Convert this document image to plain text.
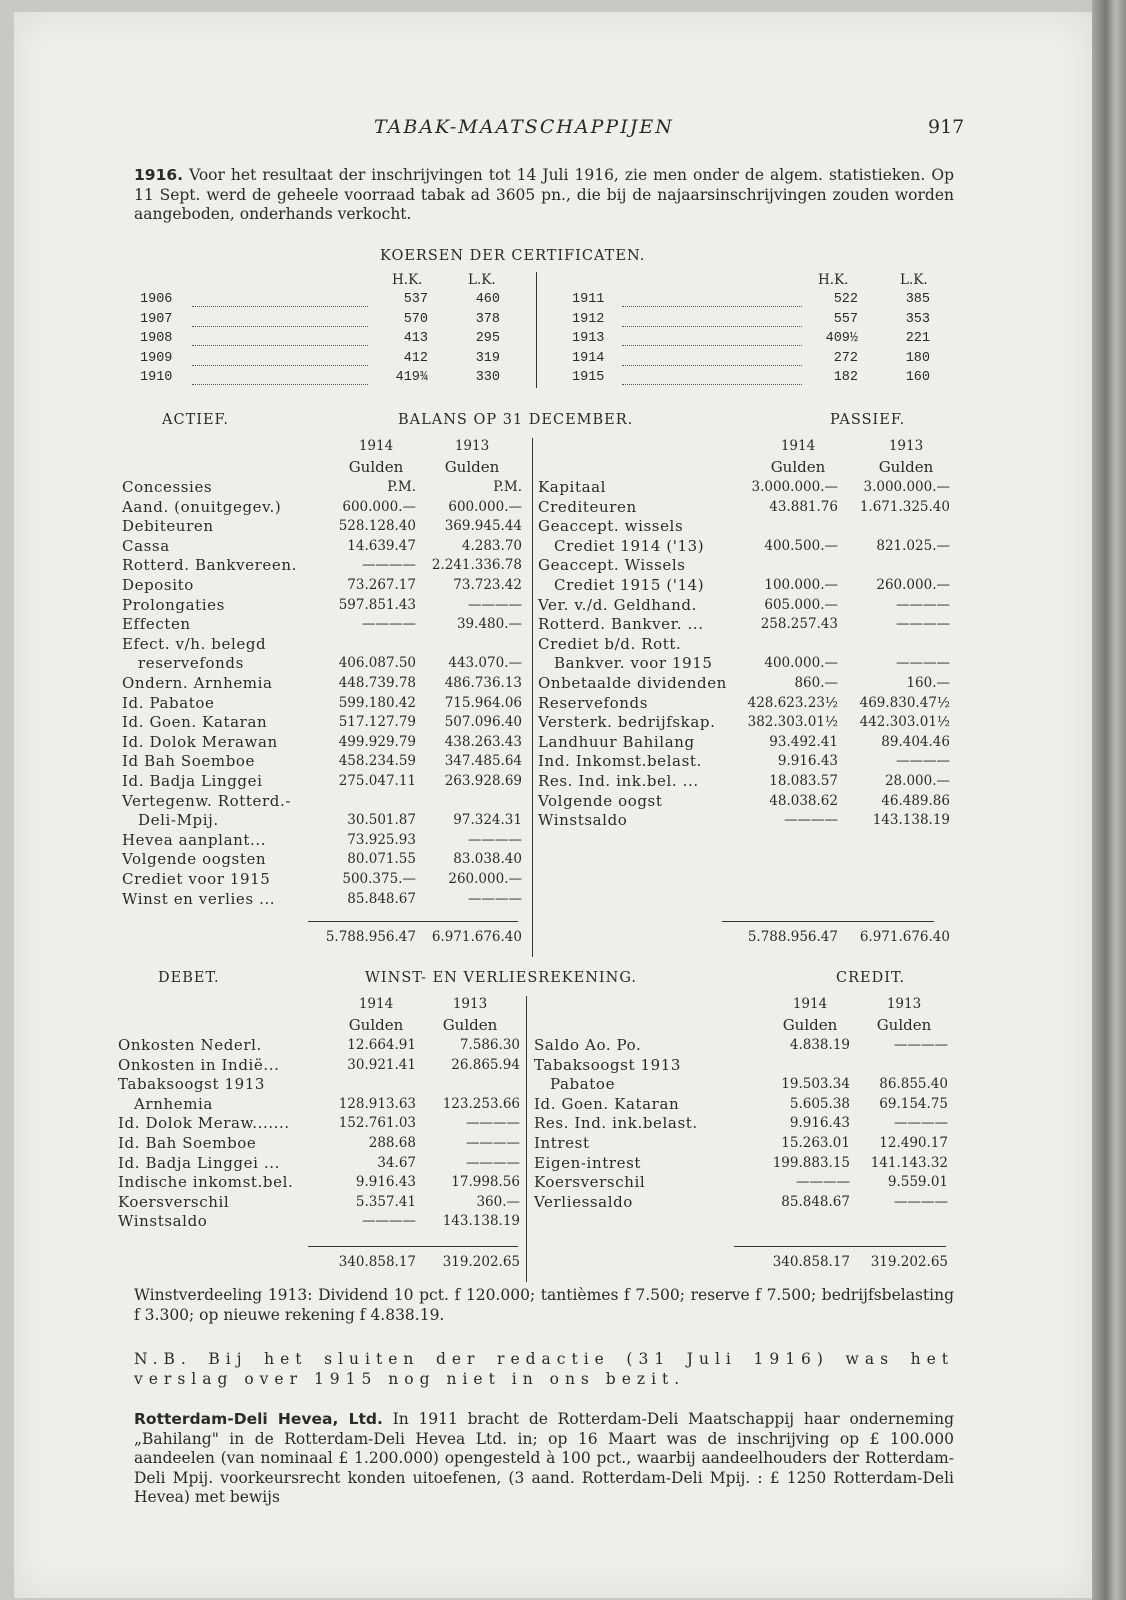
TABAK-MAATSCHAPPIJEN	917
1916. Voor het resultaat der inschrijvingen tot 14 Juli 1916, zie men onder de algem. statistieken. Op 11 Sept. werd de geheele voorraad tabak ad 3605 pn., die bij de najaarsinschrijvingen zouden worden aangeboden, onderhands verkocht.
KOERSEN DER CERTIFICATEN.
H.K.	L.K.	H.K.	L.K.
1906	537	460
1907	570	378
1908	413	295
1909	412	319
1910	419¾	330
1911	522	385
1912	557	353
1913	409½	221
1914	272	180
1915	182	160
ACTIEF.	BALANS OP 31 DECEMBER.	PASSIEF.
1914	1913	1914	1913
Gulden	Gulden	Gulden	Gulden
Concessies	P.M.	P.M.
Aand. (onuitgegev.)	600.000.—	600.000.—
Debiteuren	528.128.40	369.945.44
Cassa	14.639.47	4.283.70
Rotterd. Bankvereen.	————	2.241.336.78
Deposito	73.267.17	73.723.42
Prolongaties	597.851.43	————
Effecten	————	39.480.—
Efect. v/h. belegd
reservefonds	406.087.50	443.070.—
Ondern. Arnhemia	448.739.78	486.736.13
Id. Pabatoe	599.180.42	715.964.06
Id. Goen. Kataran	517.127.79	507.096.40
Id. Dolok Merawan	499.929.79	438.263.43
Id Bah Soemboe	458.234.59	347.485.64
Id. Badja Linggei	275.047.11	263.928.69
Vertegenw. Rotterd.-
Deli-Mpij.	30.501.87	97.324.31
Hevea aanplant...	73.925.93	————
Volgende oogsten	80.071.55	83.038.40
Crediet voor 1915	500.375.—	260.000.—
Winst en verlies ...	85.848.67	————
Kapitaal	3.000.000.—	3.000.000.—
Crediteuren	43.881.76	1.671.325.40
Geaccept. wissels
Crediet 1914 ('13)	400.500.—	821.025.—
Geaccept. Wissels
Crediet 1915 ('14)	100.000.—	260.000.—
Ver. v./d. Geldhand.	605.000.—	————
Rotterd. Bankver. ...	258.257.43	————
Crediet b/d. Rott.
Bankver. voor 1915	400.000.—	————
Onbetaalde dividenden	860.—	160.—
Reservefonds	428.623.23½	469.830.47½
Versterk. bedrijfskap. 382.303.01½	442.303.01½
Landhuur Bahilang	93.492.41	89.404.46
Ind. Inkomst.belast.	9.916.43	————
Res. Ind. ink.bel. ...	18.083.57	28.000.—
Volgende oogst	48.038.62	46.489.86
Winstsaldo	————	143.138.19
5.788.956.47	6.971.676.40	5.788.956.47	6.971.676.40
DEBET.	WINST- EN VERLIESREKENING.	CREDIT.
1914	1913	1914	1913
Gulden	Gulden	Gulden	Gulden
Onkosten Nederl.	12.664.91	7.586.30
Onkosten in Indië...	30.921.41	26.865.94
Tabaksoogst 1913
Arnhemia	128.913.63	123.253.66
Id. Dolok Meraw.......	152.761.03	————
Id. Bah Soemboe	288.68	————
Id. Badja Linggei ...	34.67	————
Indische inkomst.bel.	9.916.43	17.998.56
Koersverschil	5.357.41	360.—
Winstsaldo	————	143.138.19
Saldo Ao. Po.	4.838.19	————
Tabaksoogst 1913
Pabatoe	19.503.34	86.855.40
Id. Goen. Kataran	5.605.38	69.154.75
Res. Ind. ink.belast.	9.916.43	————
Intrest	15.263.01	12.490.17
Eigen-intrest	199.883.15	141.143.32
Koersverschil	————	9.559.01
Verliessaldo	85.848.67	————
340.858.17	319.202.65	340.858.17	319.202.65
Winstverdeeling 1913: Dividend 10 pct. f 120.000; tantièmes f 7.500; reserve f 7.500; bedrijfsbelasting f 3.300; op nieuwe rekening f 4.838.19.
N.B. Bij het sluiten der redactie (31 Juli 1916) was het verslag over 1915 nog niet in ons bezit.
Rotterdam-Deli Hevea, Ltd. In 1911 bracht de Rotterdam-Deli Maatschappij haar onderneming „Bahilang" in de Rotterdam-Deli Hevea Ltd. in; op 16 Maart was de inschrijving op £ 100.000 aandeelen (van nominaal £ 1.200.000) opengesteld à 100 pct., waarbij aandeelhouders der Rotterdam-Deli Mpij. voorkeursrecht konden uitoefenen, (3 aand. Rotterdam-Deli Mpij. : £ 1250 Rotterdam-Deli Hevea) met bewijs
